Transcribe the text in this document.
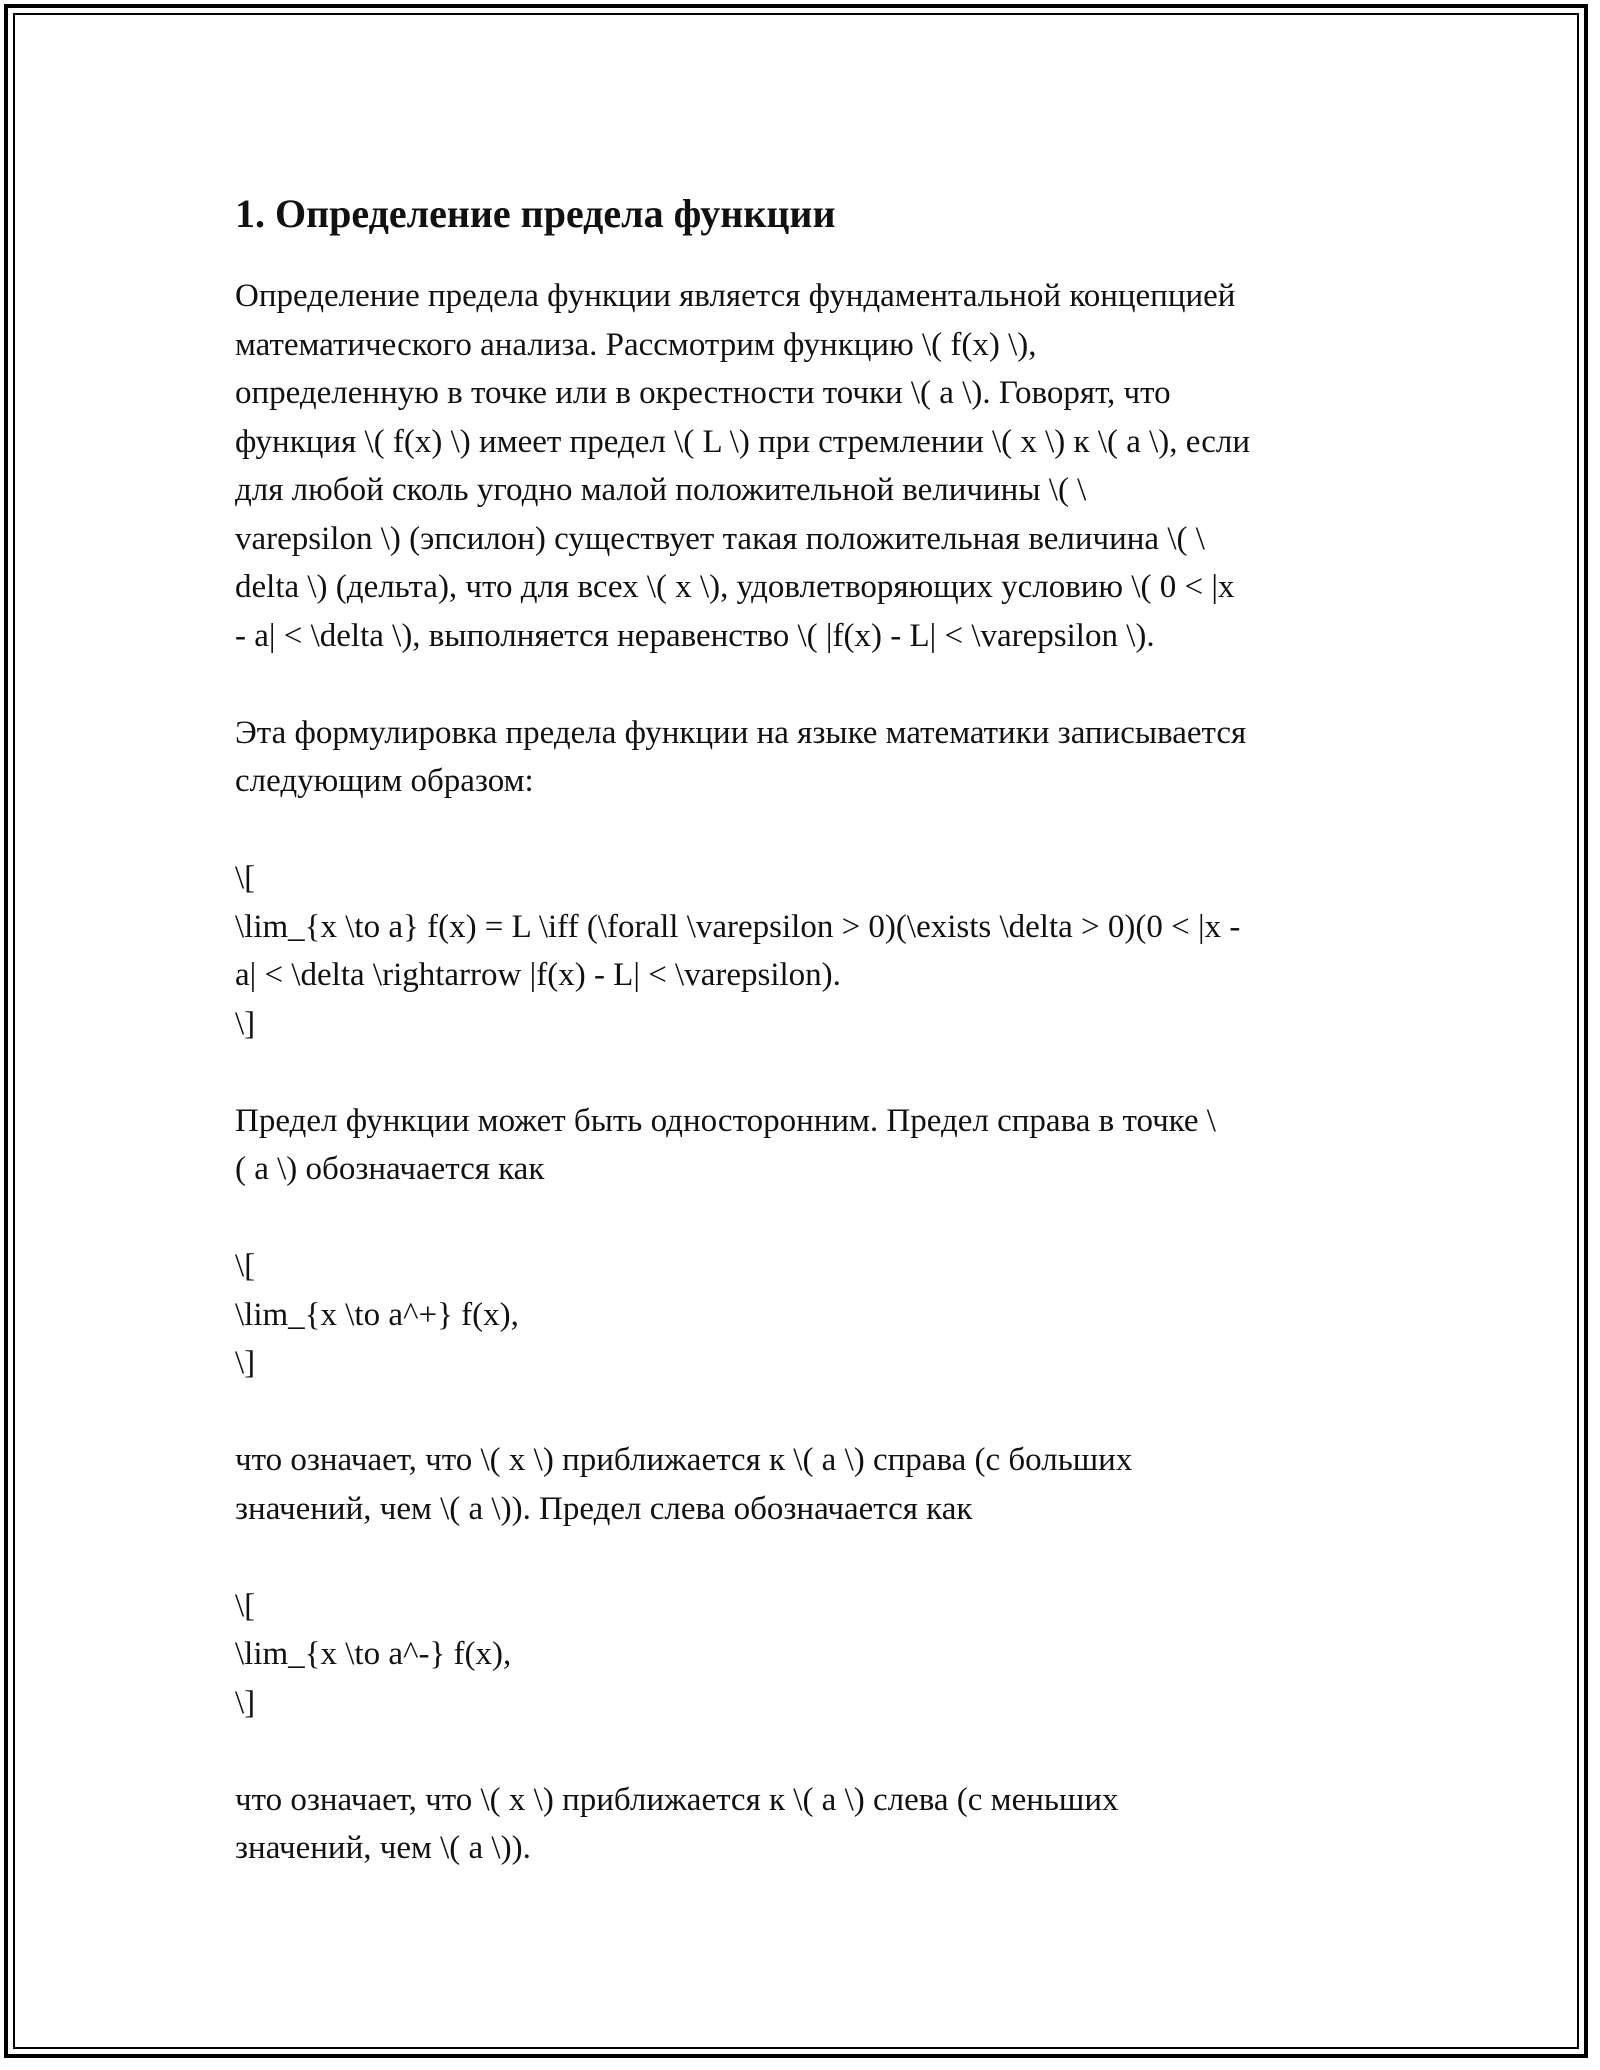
1. Определение предела функции

Определение предела функции является фундаментальной концепцией

математического анализа. Рассмотрим функцию \( f(x) \),

определенную в точке или в окрестности точки \( a \). Говорят, что

функция \( f(x) \) имеет предел \( L \) при стремлении \( x \) к \( a \), если

для любой сколь угодно малой положительной величины \( \

varepsilon \) (эпсилон) существует такая положительная величина \( \

delta \) (дельта), что для всех \( x \), удовлетворяющих условию \( 0 < |x

- a| < \delta \), выполняется неравенство \( |f(x) - L| < \varepsilon \).

Эта формулировка предела функции на языке математики записывается

следующим образом:

\[

\lim_{x \to a} f(x) = L \iff (\forall \varepsilon > 0)(\exists \delta > 0)(0 < |x -

a| < \delta \rightarrow |f(x) - L| < \varepsilon).

\]

Предел функции может быть односторонним. Предел справа в точке \

( a \) обозначается как

\[

\lim_{x \to a^+} f(x),

\]

что означает, что \( x \) приближается к \( a \) справа (с больших

значений, чем \( a \)). Предел слева обозначается как

\[

\lim_{x \to a^-} f(x),

\]

что означает, что \( x \) приближается к \( a \) слева (с меньших

значений, чем \( a \)).
